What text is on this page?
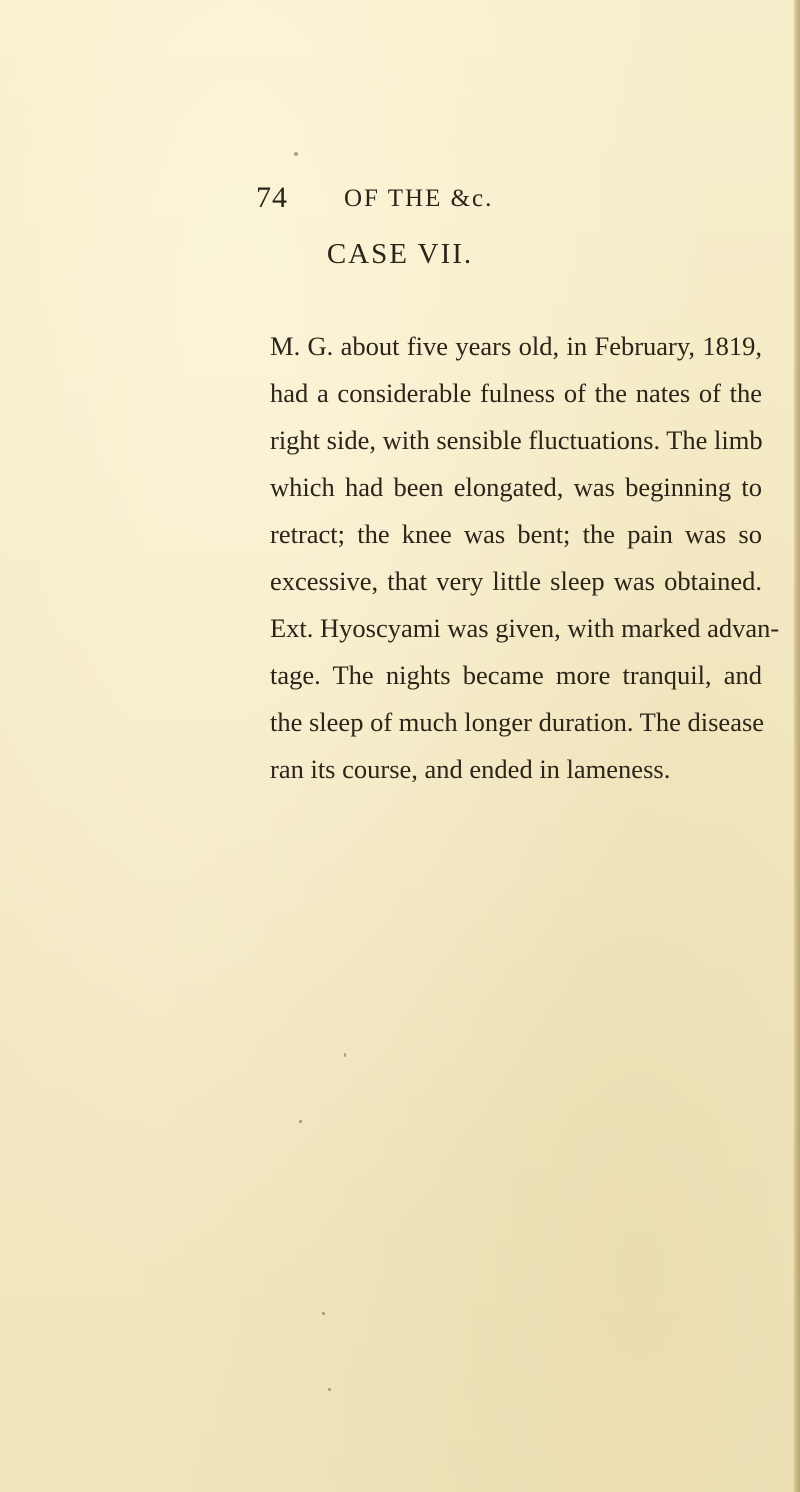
74 OF THE &c.
CASE VII.
M. G. about five years old, in February, 1819,
had a considerable fulness of the nates of the
right side, with sensible fluctuations. The limb
which had been elongated, was beginning to
retract; the knee was bent; the pain was so
excessive, that very little sleep was obtained.
Ext. Hyoscyami was given, with marked advan-
tage. The nights became more tranquil, and
the sleep of much longer duration. The disease
ran its course, and ended in lameness.
